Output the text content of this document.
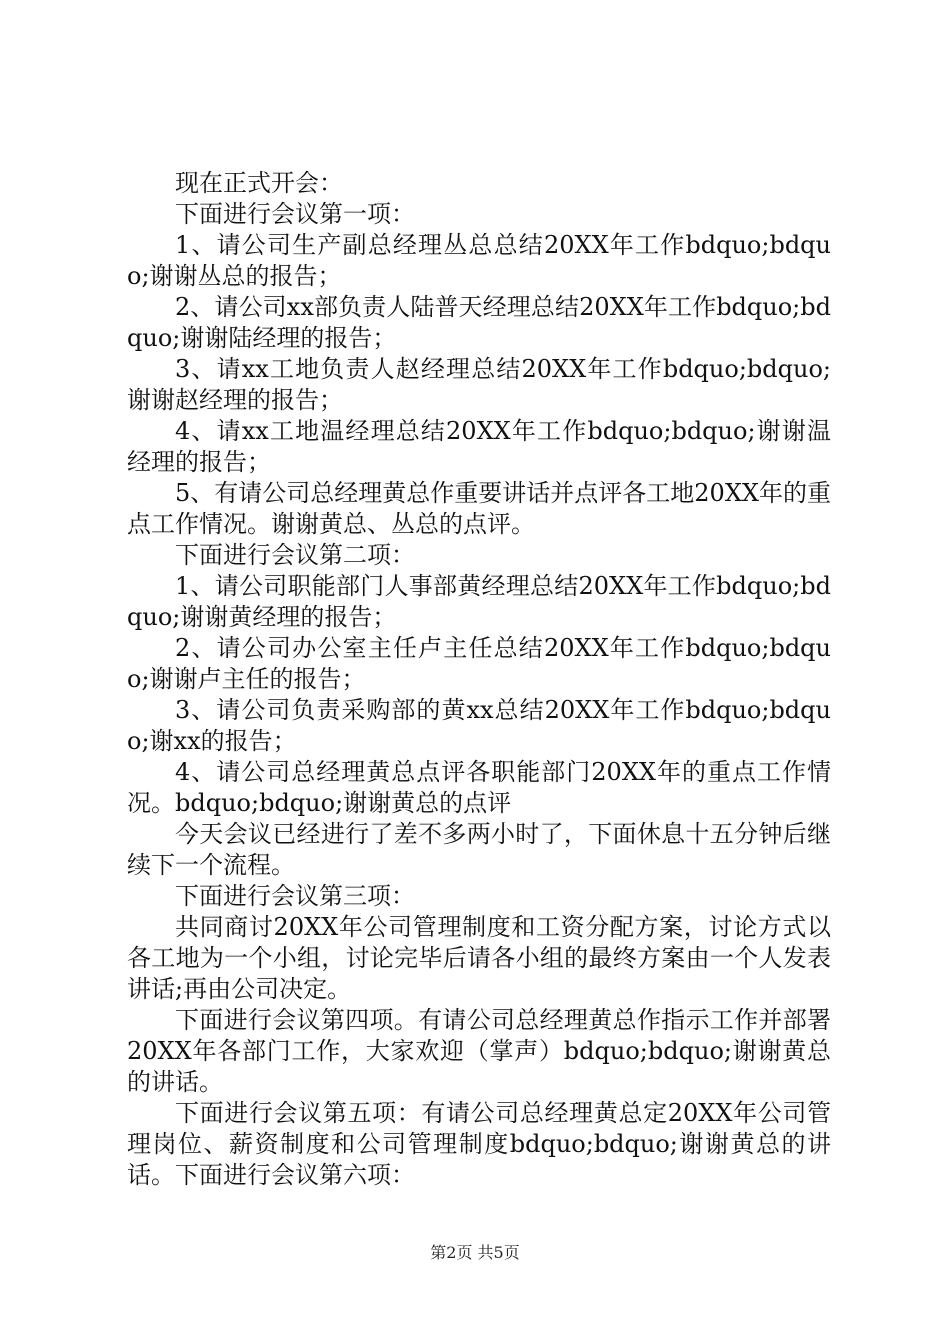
现在正式开会：

下面进行会议第一项：

1、请公司生产副总经理丛总总结20XX年工作bdquo;bdquo;谢谢丛总的报告；

2、请公司xx部负责人陆普天经理总结20XX年工作bdquo;bdquo;谢谢陆经理的报告；

3、请xx工地负责人赵经理总结20XX年工作bdquo;bdquo;谢谢赵经理的报告；

4、请xx工地温经理总结20XX年工作bdquo;bdquo;谢谢温经理的报告；

5、有请公司总经理黄总作重要讲话并点评各工地20XX年的重点工作情况。谢谢黄总、丛总的点评。

下面进行会议第二项：

1、请公司职能部门人事部黄经理总结20XX年工作bdquo;bdquo;谢谢黄经理的报告；

2、请公司办公室主任卢主任总结20XX年工作bdquo;bdquo;谢谢卢主任的报告；

3、请公司负责采购部的黄xx总结20XX年工作bdquo;bdquo;谢xx的报告；

4、请公司总经理黄总点评各职能部门20XX年的重点工作情况。bdquo;bdquo;谢谢黄总的点评

今天会议已经进行了差不多两小时了，下面休息十五分钟后继续下一个流程。

下面进行会议第三项：

共同商讨20XX年公司管理制度和工资分配方案，讨论方式以各工地为一个小组，讨论完毕后请各小组的最终方案由一个人发表讲话;再由公司决定。

下面进行会议第四项。有请公司总经理黄总作指示工作并部署20XX年各部门工作，大家欢迎（掌声）bdquo;bdquo;谢谢黄总的讲话。

下面进行会议第五项：有请公司总经理黄总定20XX年公司管理岗位、薪资制度和公司管理制度bdquo;bdquo;谢谢黄总的讲话。下面进行会议第六项：

第2页 共5页
